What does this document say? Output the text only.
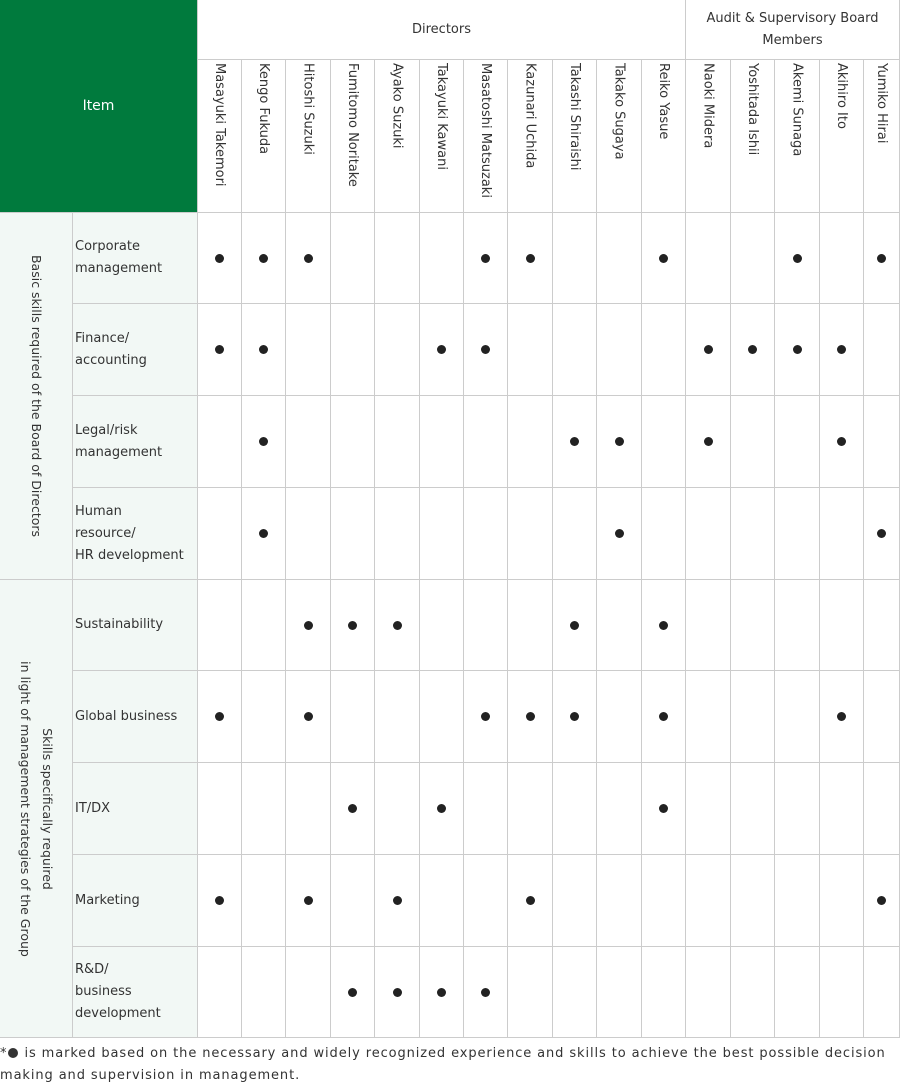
Item
Directors
Audit & Supervisory Board Members
Masayuki Takemori Kengo Fukuda Hitoshi Suzuki Fumitomo Noritake Ayako Suzuki Takayuki Kawani Masatoshi Matsuzaki Kazunari Uchida Takashi Shiraishi Takako Sugaya Reiko Yasue Naoki Midera Yoshitada Ishii Akemi Sunaga Akihiro Ito Yumiko Hirai
Basic skills required of the Board of Directors
Corporate
management
Finance/
accounting
Legal/risk
management
Human
resource/
HR development
Skills specifically required
in light of management strategies of the Group
Sustainability
Global business
IT/DX
Marketing
R&D/
business
development
* is marked based on the necessary and widely recognized experience and skills to achieve the best possible decision making and supervision in management.
